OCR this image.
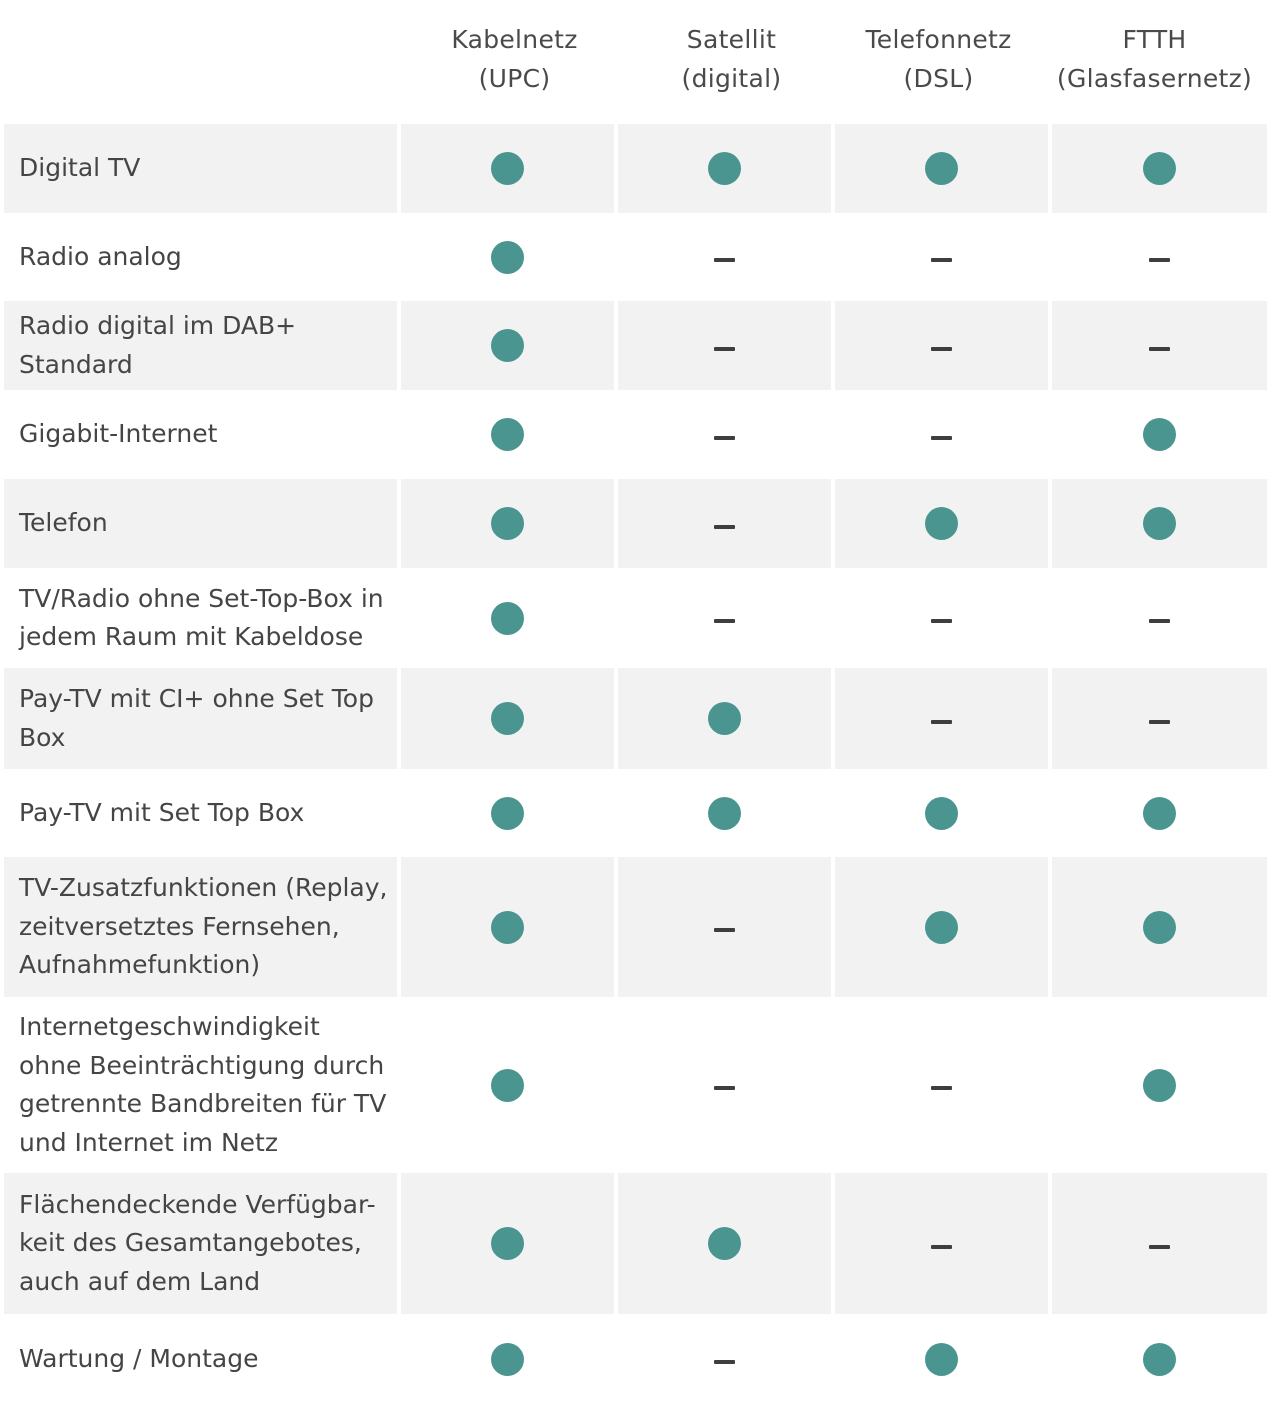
Kabelnetz
(UPC)
Satellit
(digital)
Telefonnetz
(DSL)
FTTH
(Glasfasernetz)
Digital TV
Radio analog
Radio digital im DAB+ Standard
Gigabit-Internet
Telefon
TV/Radio ohne Set-Top-Box in jedem Raum mit Kabeldose
Pay-TV mit CI+ ohne Set Top Box
Pay-TV mit Set Top Box
TV-Zusatzfunktionen (Replay, zeitversetztes Fernsehen, Aufnahmefunktion)
Internetgeschwindigkeit ohne Beeinträchtigung durch getrennte Bandbreiten für TV und Internet im Netz
Flächendeckende Verfügbar-keit des Gesamtangebotes, auch auf dem Land
Wartung / Montage
